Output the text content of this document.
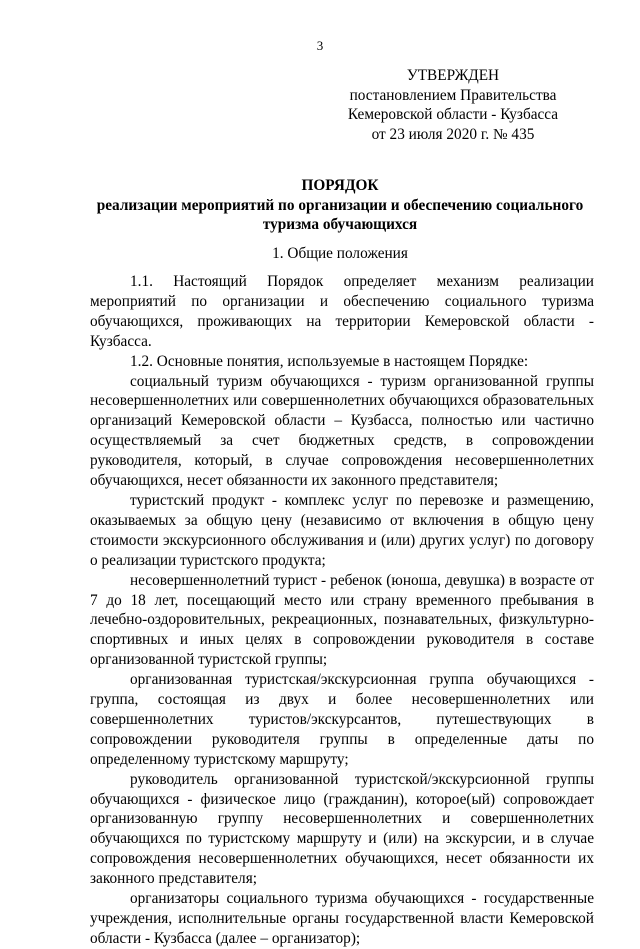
3
УТВЕРЖДЕН
постановлением Правительства
Кемеровской области - Кузбасса
от 23 июля 2020 г. № 435
ПОРЯДОК
реализации мероприятий по организации и обеспечению социального
туризма обучающихся
1. Общие положения

1.1. Настоящий Порядок определяет механизм реализации мероприятий по организации и обеспечению социального туризма обучающихся, проживающих на территории Кемеровской области - Кузбасса.

1.2. Основные понятия, используемые в настоящем Порядке:

социальный туризм обучающихся - туризм организованной группы несовершеннолетних или совершеннолетних обучающихся образовательных организаций Кемеровской области – Кузбасса, полностью или частично осуществляемый за счет бюджетных средств, в сопровождении руководителя, который, в случае сопровождения несовершеннолетних обучающихся, несет обязанности их законного представителя;

туристский продукт - комплекс услуг по перевозке и размещению, оказываемых за общую цену (независимо от включения в общую цену стоимости экскурсионного обслуживания и (или) других услуг) по договору о реализации туристского продукта;

несовершеннолетний турист - ребенок (юноша, девушка) в возрасте от 7 до 18 лет, посещающий место или страну временного пребывания в лечебно-оздоровительных, рекреационных, познавательных, физкультурно-спортивных и иных целях в сопровождении руководителя в составе организованной туристской группы;

организованная туристская/экскурсионная группа обучающихся - группа, состоящая из двух и более несовершеннолетних или совершеннолетних туристов/экскурсантов, путешествующих в сопровождении руководителя группы в определенные даты по определенному туристскому маршруту;

руководитель организованной туристской/экскурсионной группы обучающихся - физическое лицо (гражданин), которое(ый) сопровождает организованную группу несовершеннолетних и совершеннолетних обучающихся по туристскому маршруту и (или) на экскурсии, и в случае сопровождения несовершеннолетних обучающихся, несет обязанности их законного представителя;

организаторы социального туризма обучающихся - государственные учреждения, исполнительные органы государственной власти Кемеровской области - Кузбасса (далее – организатор);
